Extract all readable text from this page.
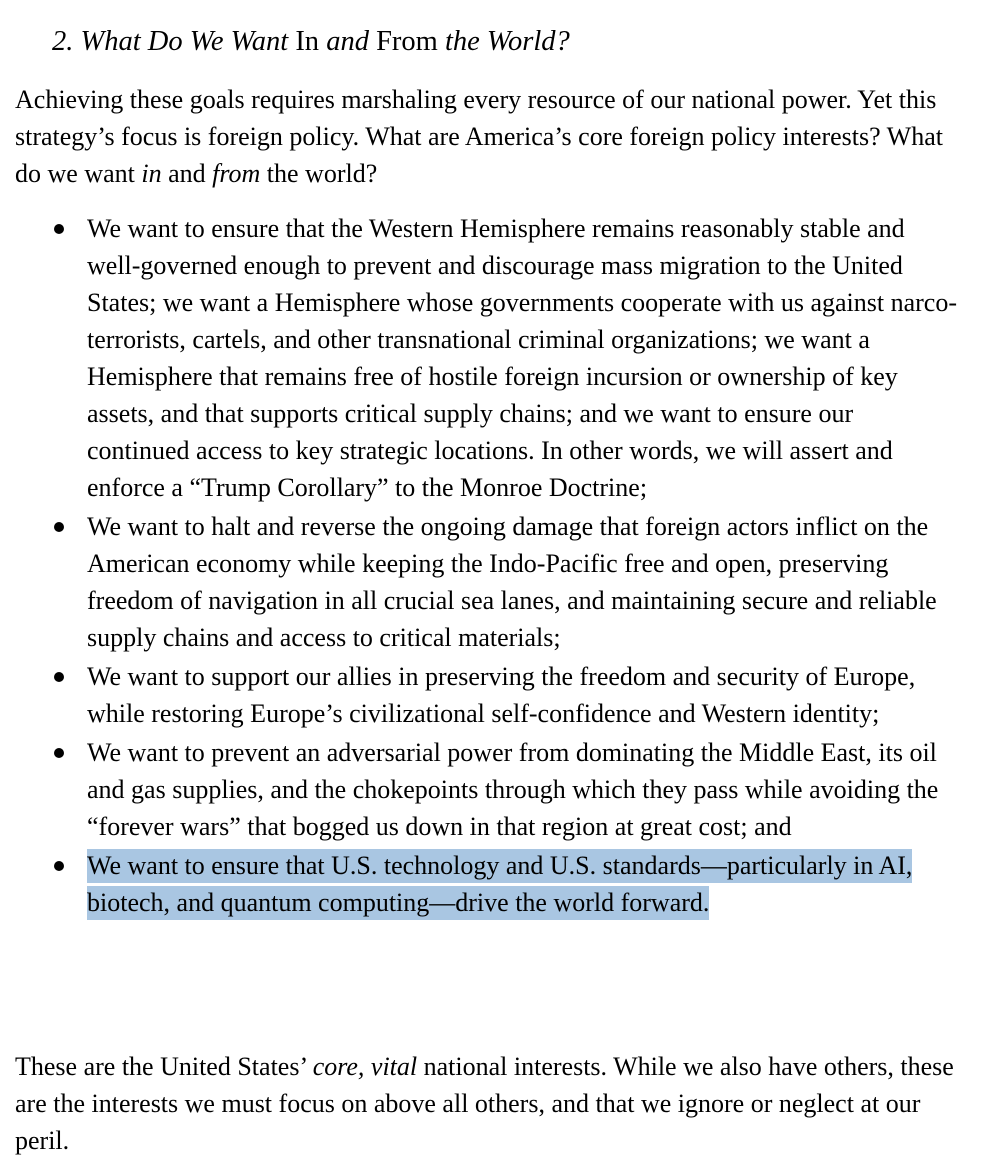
2. What Do We Want In and From the World?

Achieving these goals requires marshaling every resource of our national power. Yet this strategy’s focus is foreign policy. What are America’s core foreign policy interests? What do we want in and from the world?

We want to ensure that the Western Hemisphere remains reasonably stable and well-governed enough to prevent and discourage mass migration to the United States; we want a Hemisphere whose governments cooperate with us against narco-terrorists, cartels, and other transnational criminal organizations; we want a Hemisphere that remains free of hostile foreign incursion or ownership of key assets, and that supports critical supply chains; and we want to ensure our continued access to key strategic locations. In other words, we will assert and enforce a “Trump Corollary” to the Monroe Doctrine;
We want to halt and reverse the ongoing damage that foreign actors inflict on the American economy while keeping the Indo-Pacific free and open, preserving freedom of navigation in all crucial sea lanes, and maintaining secure and reliable supply chains and access to critical materials;
We want to support our allies in preserving the freedom and security of Europe, while restoring Europe’s civilizational self-confidence and Western identity;
We want to prevent an adversarial power from dominating the Middle East, its oil and gas supplies, and the chokepoints through which they pass while avoiding the “forever wars” that bogged us down in that region at great cost; and
We want to ensure that U.S. technology and U.S. standards—particularly in AI, biotech, and quantum computing—drive the world forward.

These are the United States’ core, vital national interests. While we also have others, these are the interests we must focus on above all others, and that we ignore or neglect at our peril.
